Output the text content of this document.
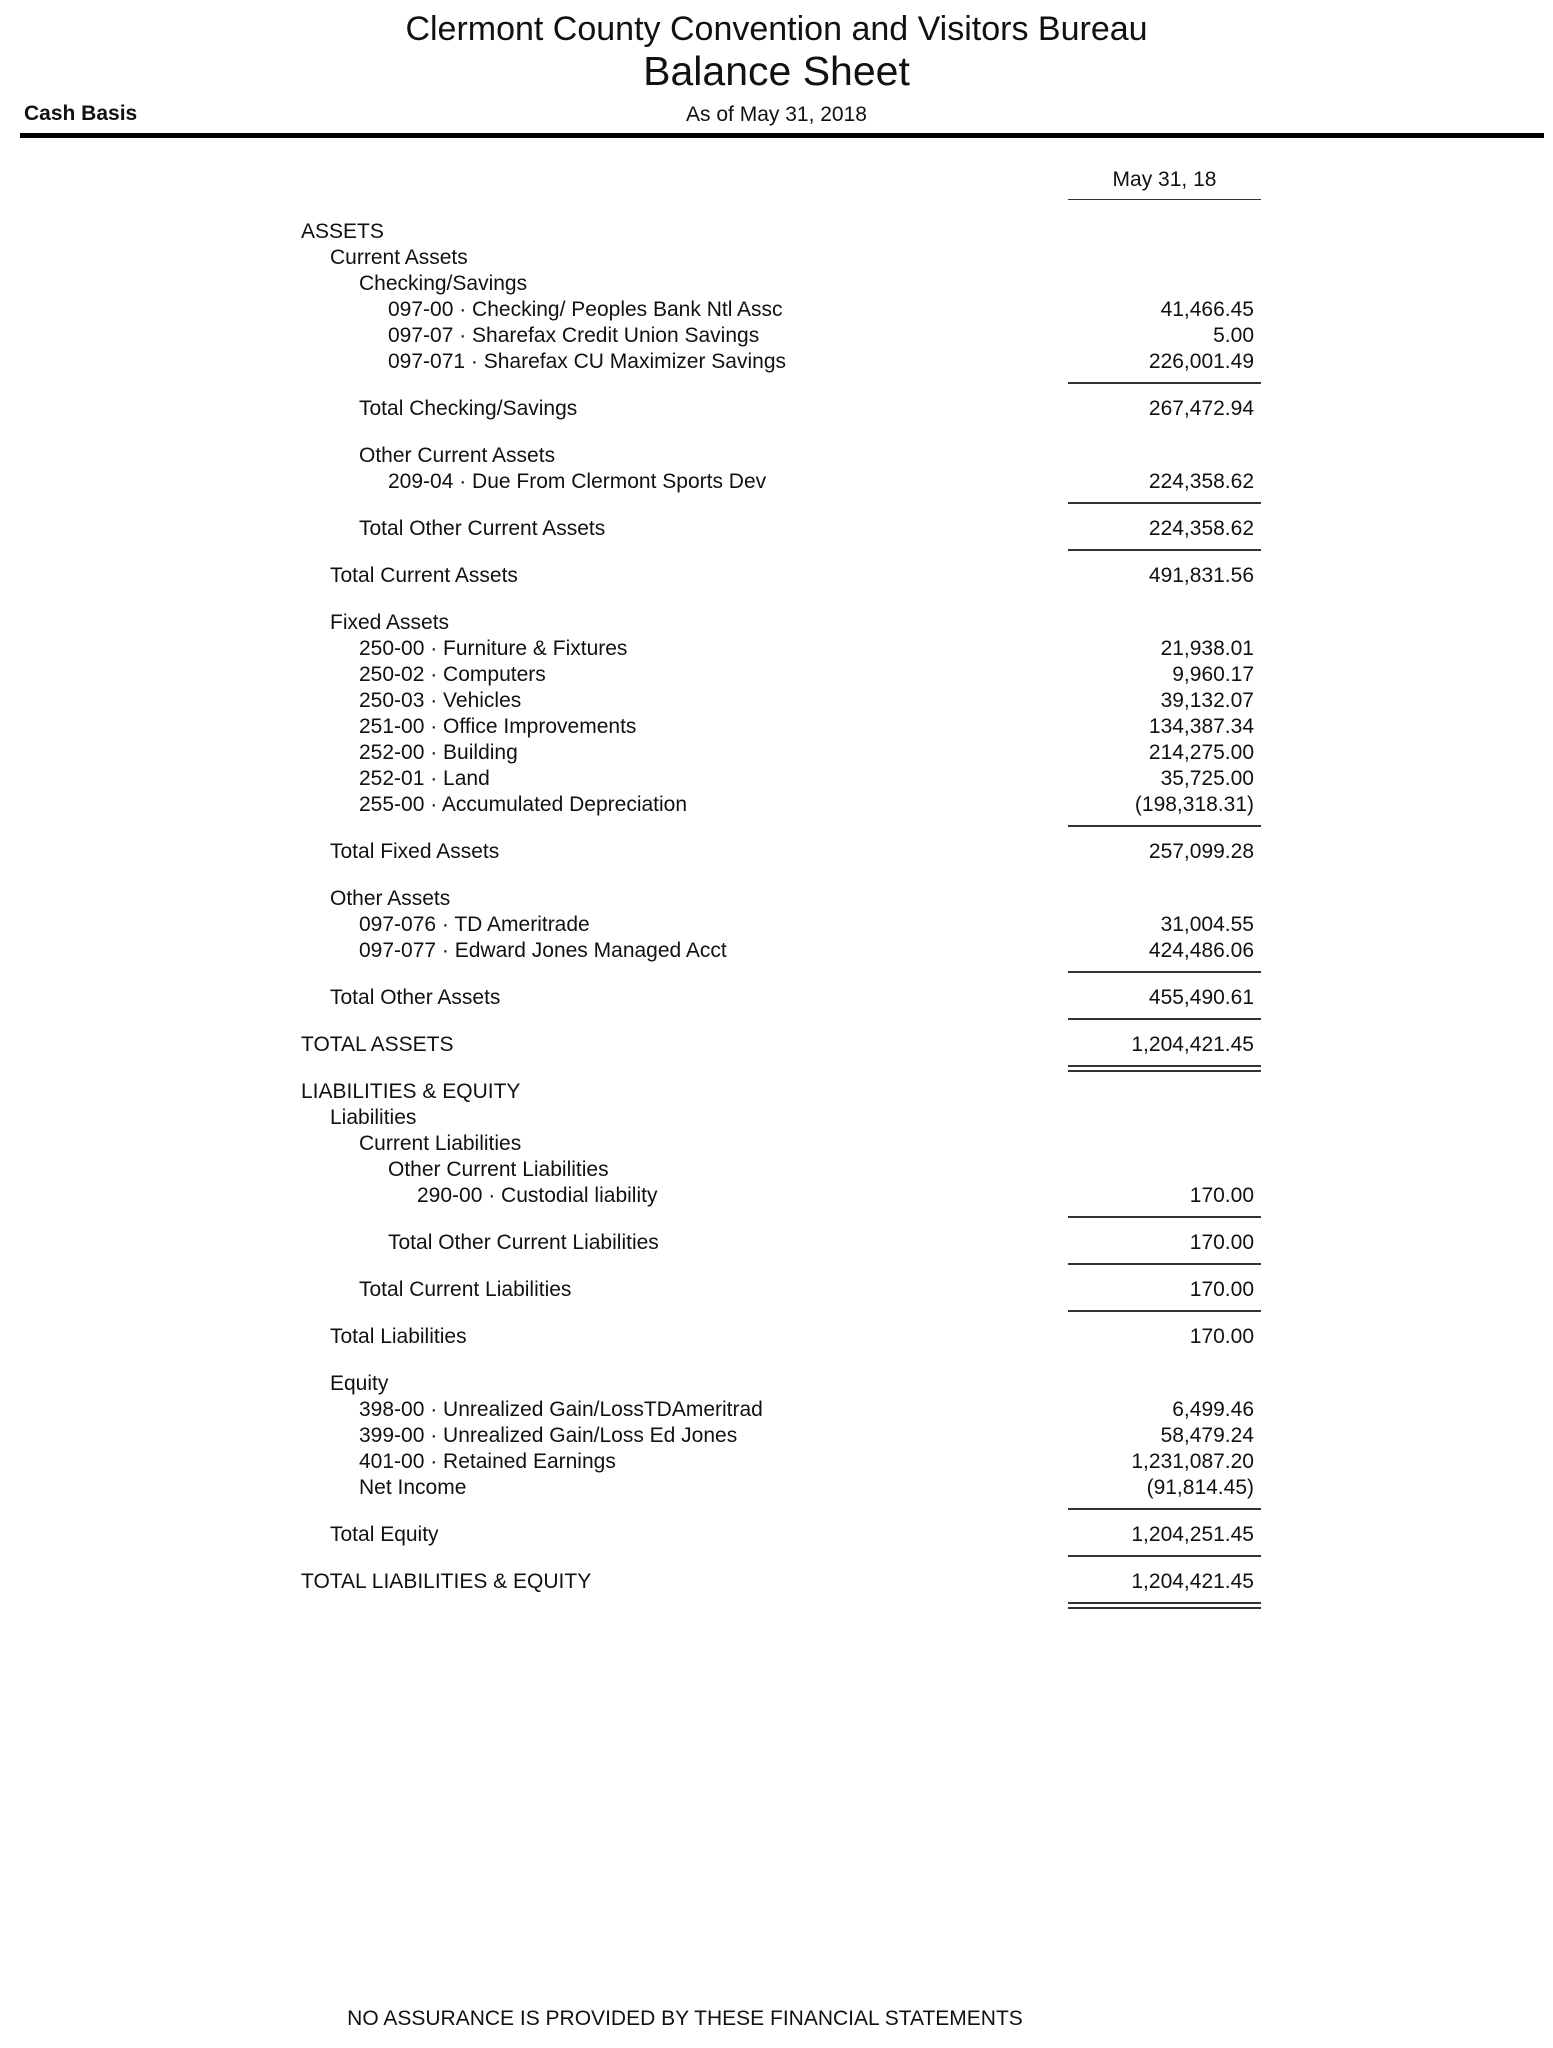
Clermont County Convention and Visitors Bureau
Balance Sheet
Cash Basis	As of May 31, 2018
May 31, 18
ASSETS
Current Assets
Checking/Savings
097-00 · Checking/ Peoples Bank Ntl Assc	41,466.45
097-07 · Sharefax Credit Union Savings	5.00
097-071 · Sharefax CU Maximizer Savings	226,001.49
Total Checking/Savings	267,472.94
Other Current Assets
209-04 · Due From Clermont Sports Dev	224,358.62
Total Other Current Assets	224,358.62
Total Current Assets	491,831.56
Fixed Assets
250-00 · Furniture & Fixtures	21,938.01
250-02 · Computers	9,960.17
250-03 · Vehicles	39,132.07
251-00 · Office Improvements	134,387.34
252-00 · Building	214,275.00
252-01 · Land	35,725.00
255-00 · Accumulated Depreciation	(198,318.31)
Total Fixed Assets	257,099.28
Other Assets
097-076 · TD Ameritrade	31,004.55
097-077 · Edward Jones Managed Acct	424,486.06
Total Other Assets	455,490.61
TOTAL ASSETS	1,204,421.45
LIABILITIES & EQUITY
Liabilities
Current Liabilities
Other Current Liabilities
290-00 · Custodial liability	170.00
Total Other Current Liabilities	170.00
Total Current Liabilities	170.00
Total Liabilities	170.00
Equity
398-00 · Unrealized Gain/LossTDAmeritrad	6,499.46
399-00 · Unrealized Gain/Loss Ed Jones	58,479.24
401-00 · Retained Earnings	1,231,087.20
Net Income	(91,814.45)
Total Equity	1,204,251.45
TOTAL LIABILITIES & EQUITY	1,204,421.45
NO ASSURANCE IS PROVIDED BY THESE FINANCIAL STATEMENTS
